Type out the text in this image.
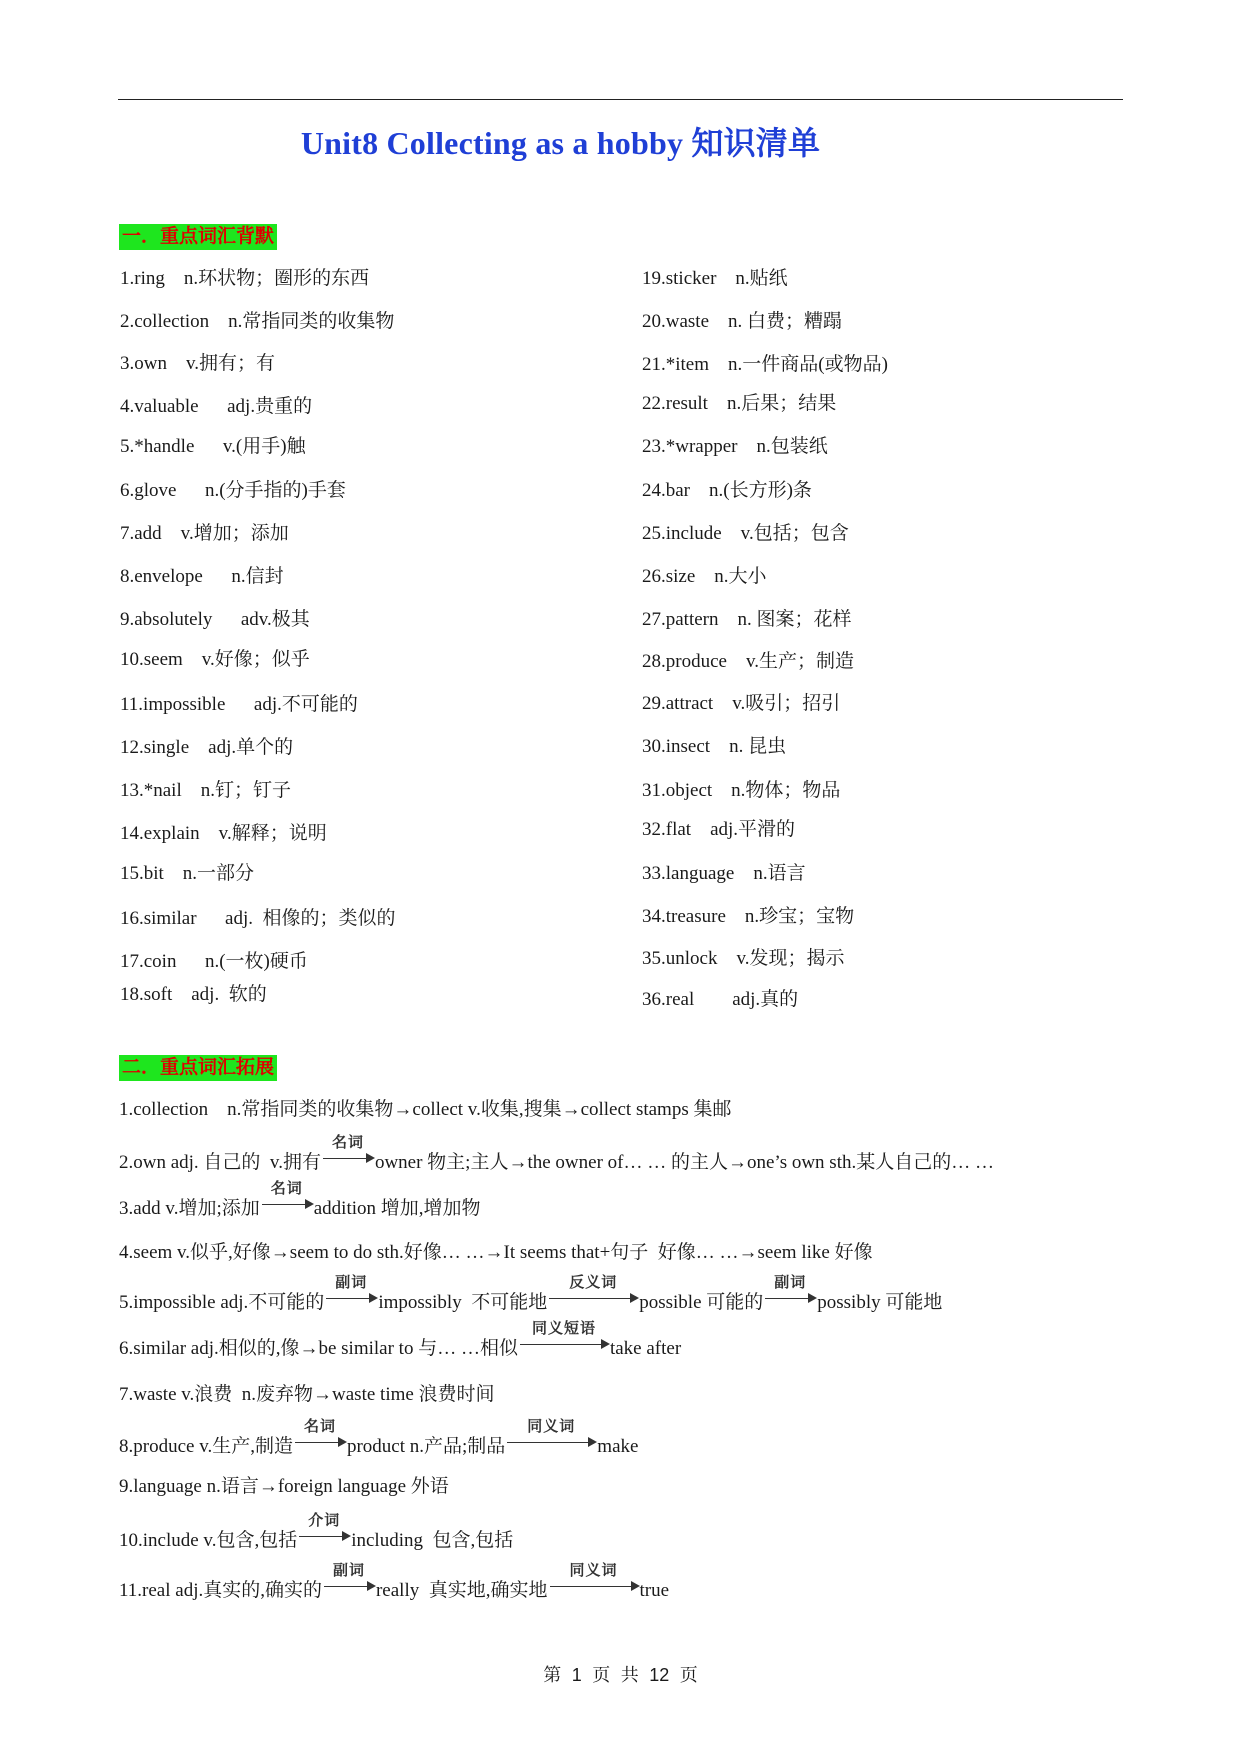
Unit8 Collecting as a hobby 知识清单
一．重点词汇背默
1.ring    n.环状物；圈形的东西
2.collection    n.常指同类的收集物
3.own    v.拥有；有
4.valuable      adj.贵重的
5.*handle      v.(用手)触
6.glove      n.(分手指的)手套
7.add    v.增加；添加
8.envelope      n.信封
9.absolutely      adv.极其
10.seem    v.好像；似乎
11.impossible      adj.不可能的
12.single    adj.单个的
13.*nail    n.钉；钉子
14.explain    v.解释；说明
15.bit    n.一部分
16.similar      adj.  相像的；类似的
17.coin      n.(一枚)硬币
18.soft    adj.  软的
19.sticker    n.贴纸
20.waste    n. 白费；糟蹋
21.*item    n.一件商品(或物品)
22.result    n.后果；结果
23.*wrapper    n.包装纸
24.bar    n.(长方形)条
25.include    v.包括；包含
26.size    n.大小
27.pattern    n. 图案；花样
28.produce    v.生产；制造
29.attract    v.吸引；招引
30.insect    n. 昆虫
31.object    n.物体；物品
32.flat    adj.平滑的
33.language    n.语言
34.treasure    n.珍宝；宝物
35.unlock    v.发现；揭示
36.real        adj.真的
二．重点词汇拓展
1.collection    n.常指同类的收集物→collect v.收集,搜集→collect stamps 集邮
2.own adj. 自己的  v.拥有
名词
owner 物主;主人→the owner of… … 的主人→one’s own sth.某人自己的… …
3.add v.增加;添加
名词
addition 增加,增加物
4.seem v.似乎,好像→seem to do sth.好像… …→It seems that+句子  好像… …→seem like 好像
5.impossible adj.不可能的
副词
impossibly  不可能地
反义词
possible 可能的
副词
possibly 可能地
6.similar adj.相似的,像→be similar to 与… …相似
同义短语
take after
7.waste v.浪费  n.废弃物→waste time 浪费时间
8.produce v.生产,制造
名词
product n.产品;制品
同义词
make
9.language n.语言→foreign language 外语
10.include v.包含,包括
介词
including  包含,包括
11.real adj.真实的,确实的
副词
really  真实地,确实地
同义词
true
第 1 页 共 12 页
